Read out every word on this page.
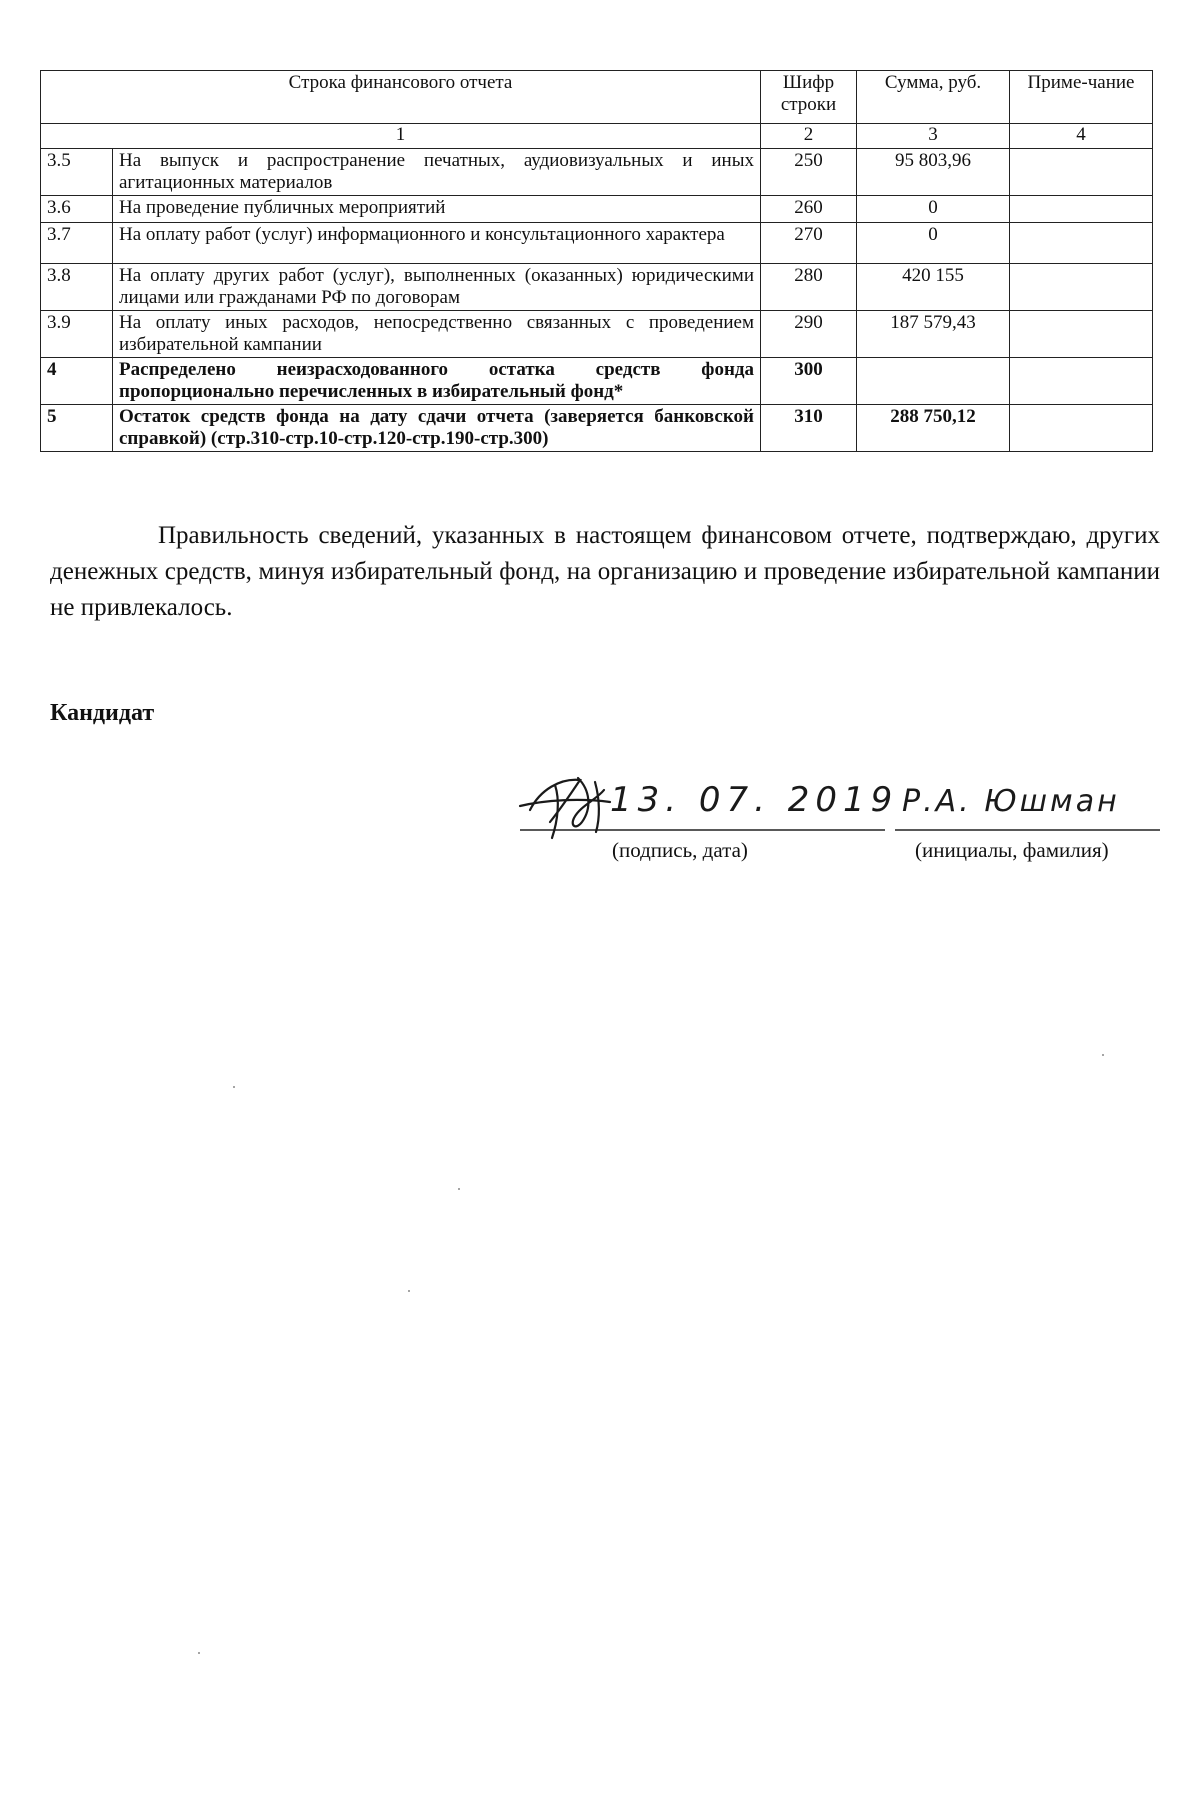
Строка финансового отчета		Шифр строки	Сумма, руб.	Приме-чание
1		2	3	4
3.5	На выпуск и распространение печатных, аудиовизуальных и иных агитационных материалов	250	95 803,96	
3.6	На проведение публичных мероприятий	260	0	
3.7	На оплату работ (услуг) информационного и консультационного характера	270	0	
3.8	На оплату других работ (услуг), выполненных (оказанных) юридическими лицами или гражданами РФ по договорам	280	420 155	
3.9	На оплату иных расходов, непосредственно связанных с проведением избирательной кампании	290	187 579,43	
4	Распределено неизрасходованного остатка средств фонда пропорционально перечисленных в избирательный фонд*	300		
5	Остаток средств фонда на дату сдачи отчета (заверяется банковской справкой) (стр.310-стр.10-стр.120-стр.190-стр.300)	310	288 750,12	
Правильность сведений, указанных в настоящем финансовом отчете, подтверждаю, других денежных средств, минуя избирательный фонд, на организацию и проведение избирательной кампании не привлекалось.
Кандидат
13. 07. 2019 Р.А. Юшман
(подпись, дата)	(инициалы, фамилия)
